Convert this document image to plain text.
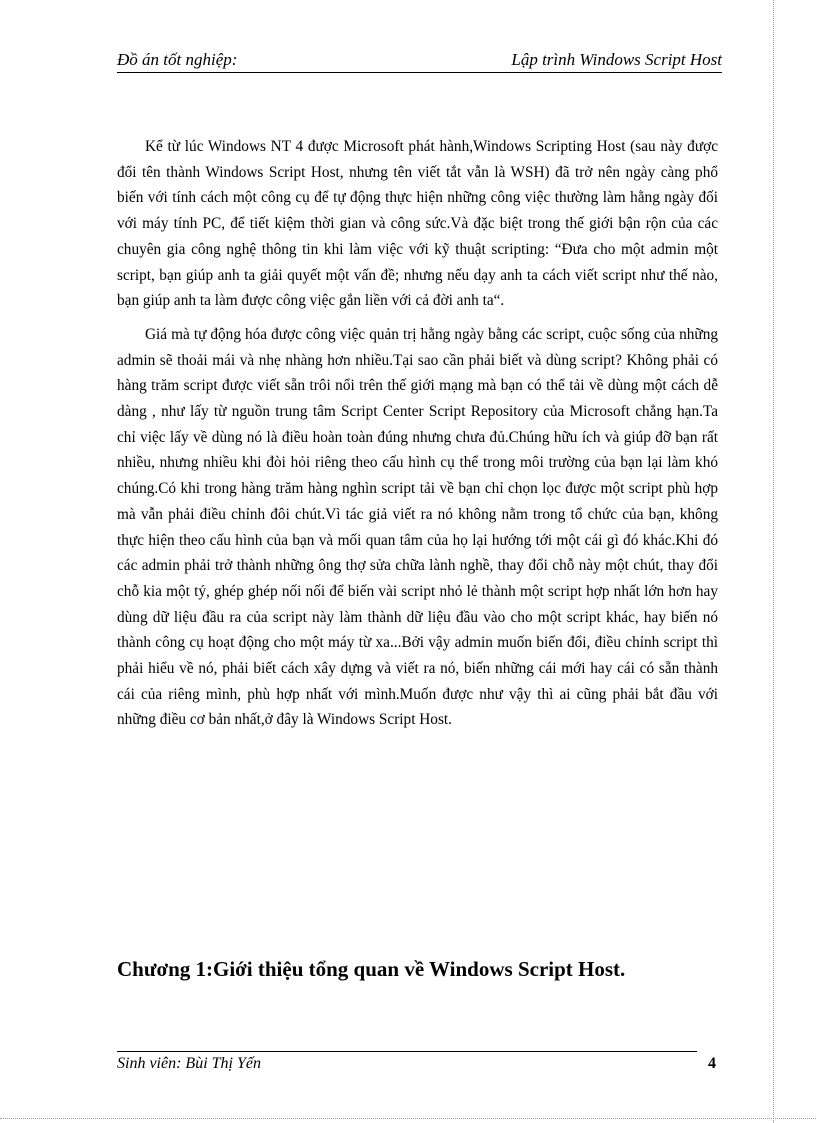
Đồ án tốt nghiệp:	Lập trình Windows Script Host

Kể từ lúc Windows NT 4 được Microsoft phát hành,Windows Scripting Host (sau này được đổi tên thành Windows Script Host, nhưng tên viết tắt vẫn là WSH) đã trở nên ngày càng phổ biến với tính cách một công cụ để tự động thực hiện những công việc thường làm hằng ngày đối với máy tính PC, để tiết kiệm thời gian và công sức.Và đặc biệt trong thế giới bận rộn của các chuyên gia công nghệ thông tin khi làm việc với kỹ thuật scripting: “Đưa cho một admin một script, bạn giúp anh ta giải quyết một vấn đề; nhưng nếu dạy anh ta cách viết script như thế nào, bạn giúp anh ta làm được công việc gắn liền với cả đời anh ta“.

Giá mà tự động hóa được công việc quản trị hằng ngày bằng các script, cuộc sống của những admin sẽ thoải mái và nhẹ nhàng hơn nhiều.Tại sao cần phải biết và dùng script? Không phải có hàng trăm script được viết sẵn trôi nổi trên thế giới mạng mà bạn có thể tải về dùng một cách dễ dàng , như lấy từ nguồn trung tâm Script Center Script Repository của Microsoft chẳng hạn.Ta chỉ việc lấy về dùng nó là điều hoàn toàn đúng nhưng chưa đủ.Chúng hữu ích và giúp đỡ bạn rất nhiều, nhưng nhiều khi đòi hỏi riêng theo cấu hình cụ thể trong môi trường của bạn lại làm khó chúng.Có khi trong hàng trăm hàng nghìn script tải về bạn chỉ chọn lọc được một script phù hợp mà vẫn phải điều chỉnh đôi chút.Vì tác giả viết ra nó không nằm trong tổ chức của bạn, không thực hiện theo cấu hình của bạn và mối quan tâm của họ lại hướng tới một cái gì đó khác.Khi đó các admin phải trở thành những ông thợ sửa chữa lành nghề, thay đổi chỗ này một chút, thay đổi chỗ kia một tý, ghép ghép nối nối để biến vài script nhỏ lẻ thành một script hợp nhất lớn hơn hay dùng dữ liệu đầu ra của script này làm thành dữ liệu đầu vào cho một script khác, hay biến nó thành công cụ hoạt động cho một máy từ xa...Bởi vậy admin muốn biến đổi, điều chỉnh script thì phải hiểu về nó, phải biết cách xây dựng và viết ra nó, biến những cái mới hay cái có sẵn thành cái của riêng mình, phù hợp nhất với mình.Muốn được như vậy thì ai cũng phải bắt đầu với những điều cơ bản nhất,ở đây là Windows Script Host.

Chương 1:Giới thiệu tổng quan về Windows Script Host.
Sinh viên: Bùi Thị Yến	4
